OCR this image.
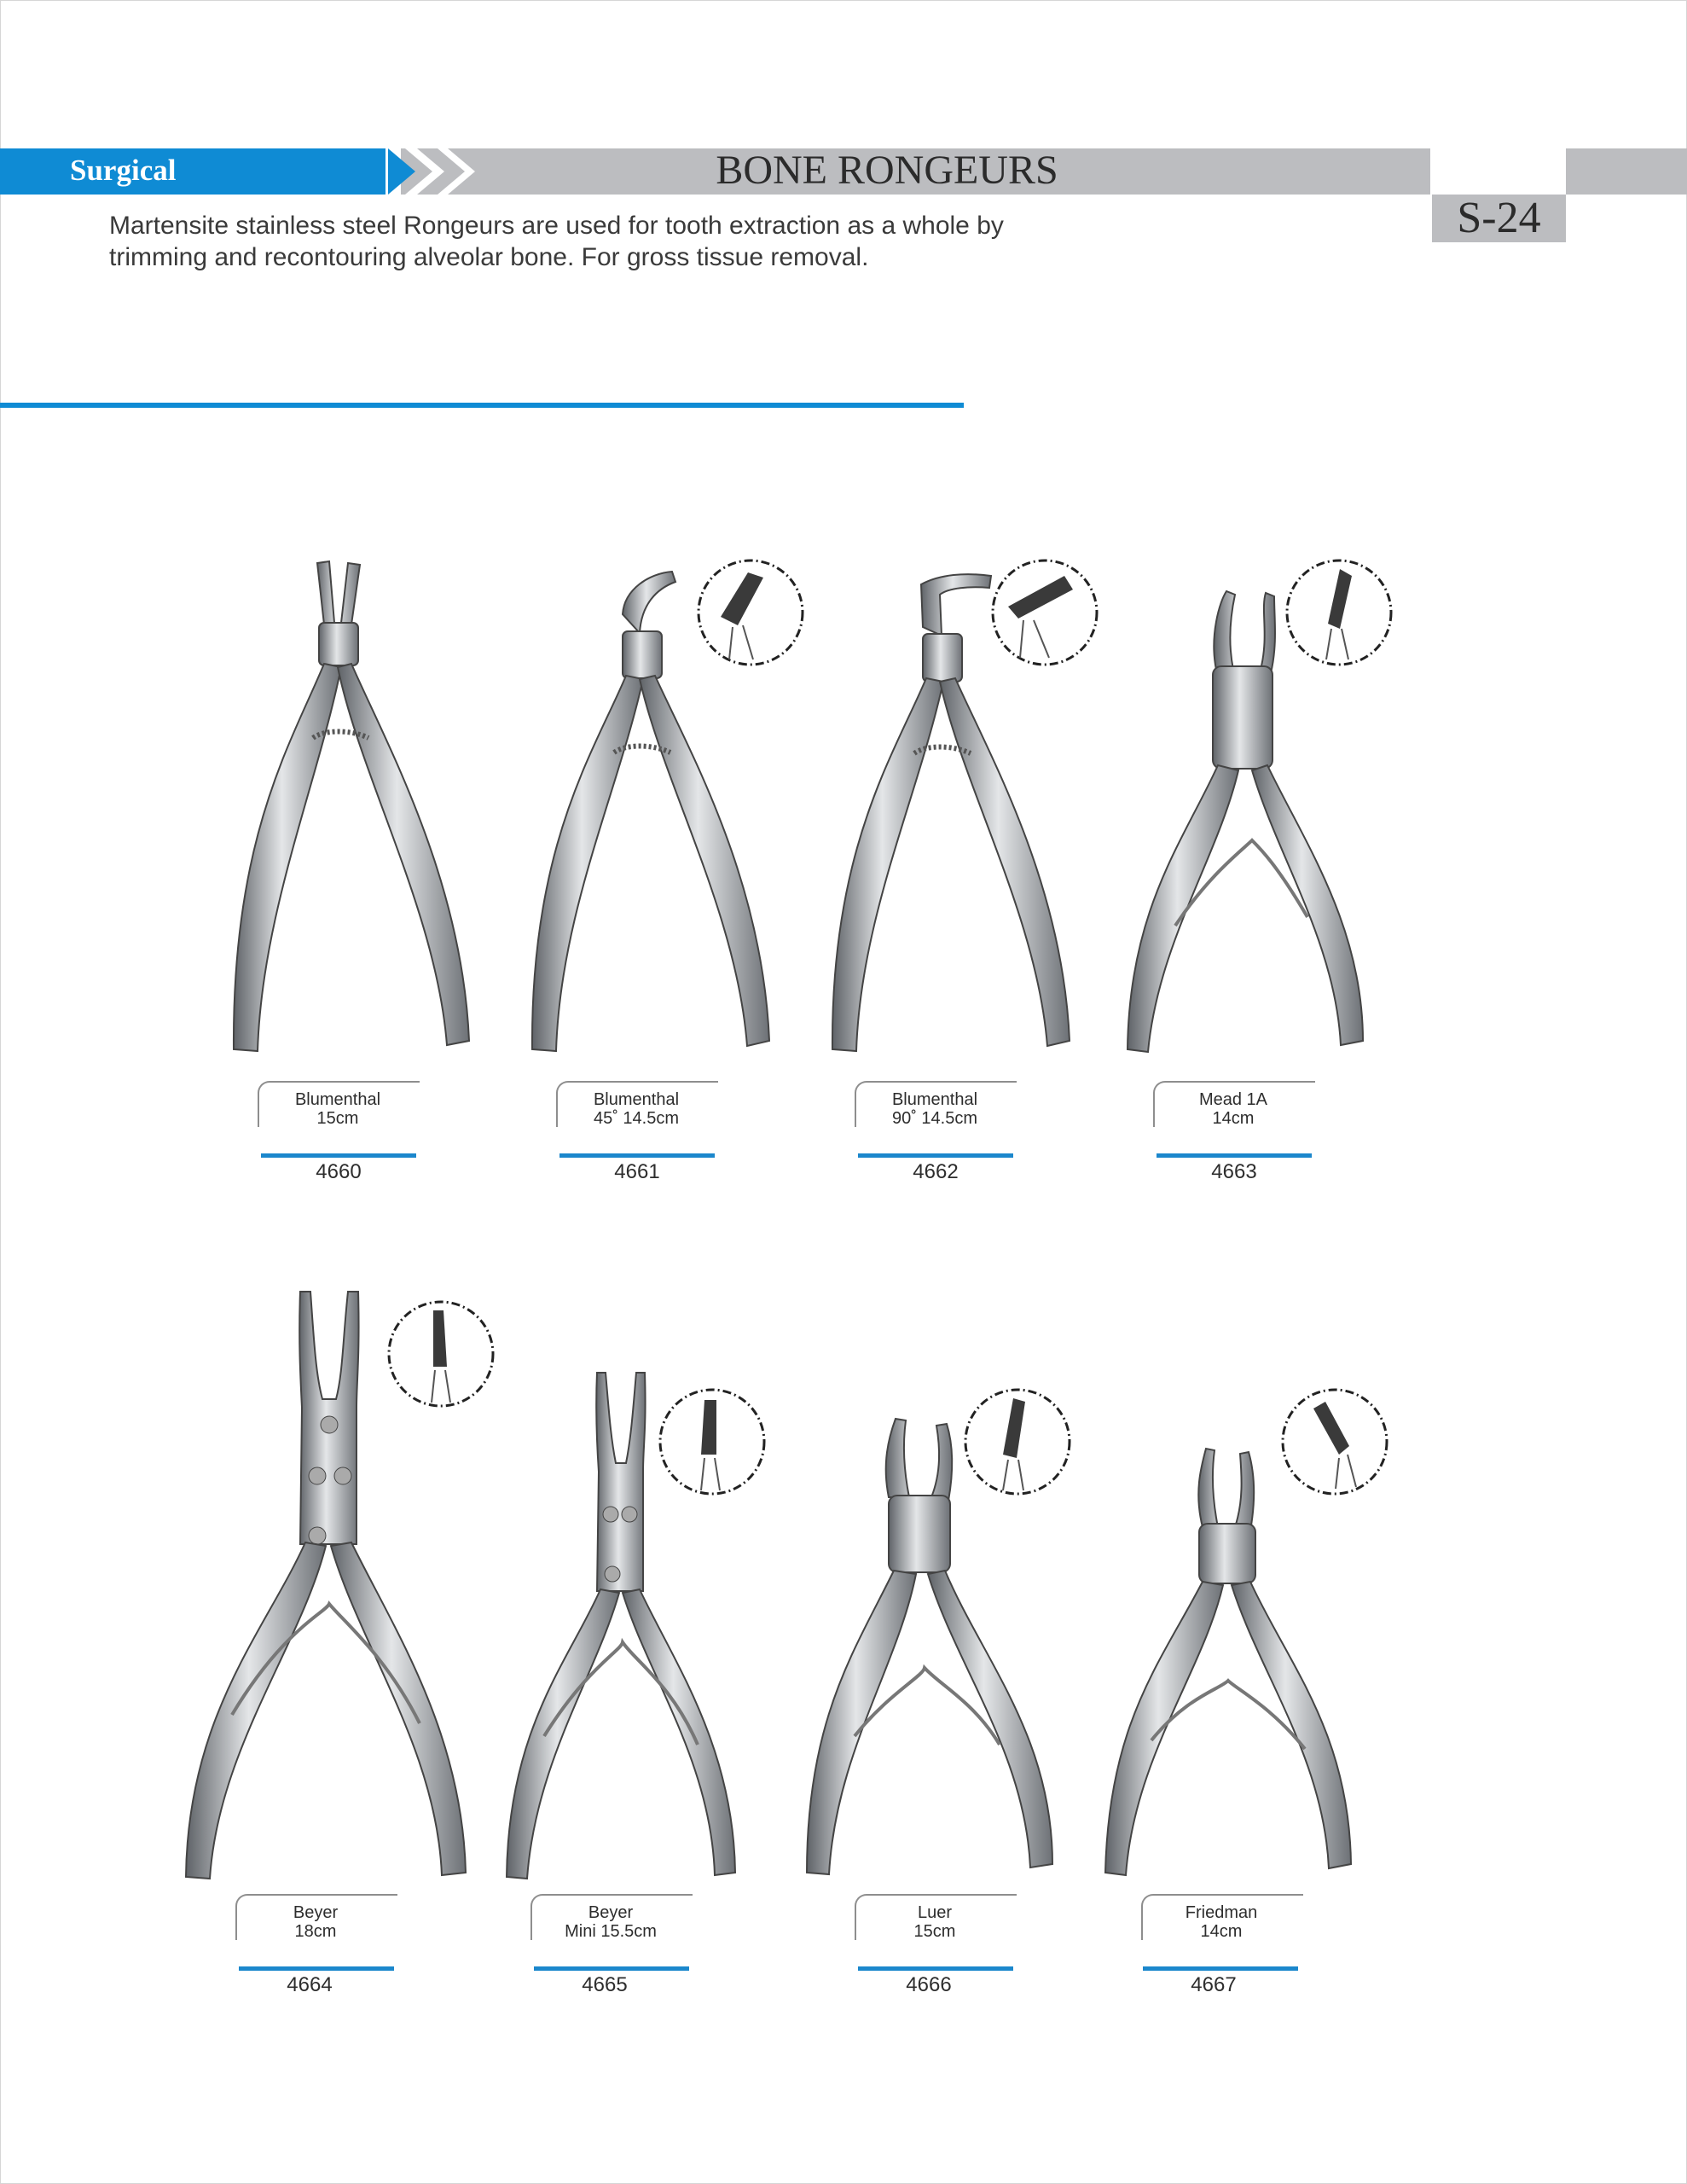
Surgical	BONE RONGEURS
S-24

Martensite stainless steel Rongeurs are used for tooth extraction as a whole by
trimming and recontouring alveolar bone. For gross tissue removal.

Blumenthal
15cm
4660
Blumenthal
45˚ 14.5cm
4661
Blumenthal
90˚ 14.5cm
4662
Mead 1A
14cm
4663
Beyer
18cm
4664
Beyer
Mini 15.5cm
4665
Luer
15cm
4666
Friedman
14cm
4667
